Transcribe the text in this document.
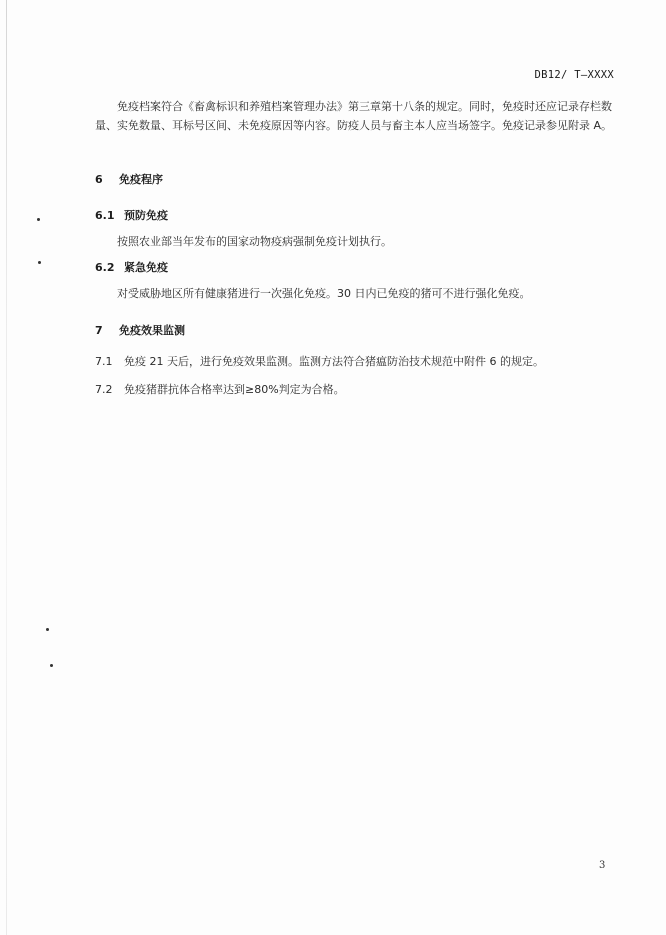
DB12/ T—XXXX
免疫档案符合《畜禽标识和养殖档案管理办法》第三章第十八条的规定。同时，免疫时还应记录存栏数量、实免数量、耳标号区间、未免疫原因等内容。防疫人员与畜主本人应当场签字。免疫记录参见附录 A。
6 免疫程序
6.1 预防免疫
按照农业部当年发布的国家动物疫病强制免疫计划执行。
6.2 紧急免疫
对受威胁地区所有健康猪进行一次强化免疫。30 日内已免疫的猪可不进行强化免疫。
7 免疫效果监测
7.1 免疫 21 天后，进行免疫效果监测。监测方法符合猪瘟防治技术规范中附件 6 的规定。
7.2 免疫猪群抗体合格率达到≥80%判定为合格。
3
